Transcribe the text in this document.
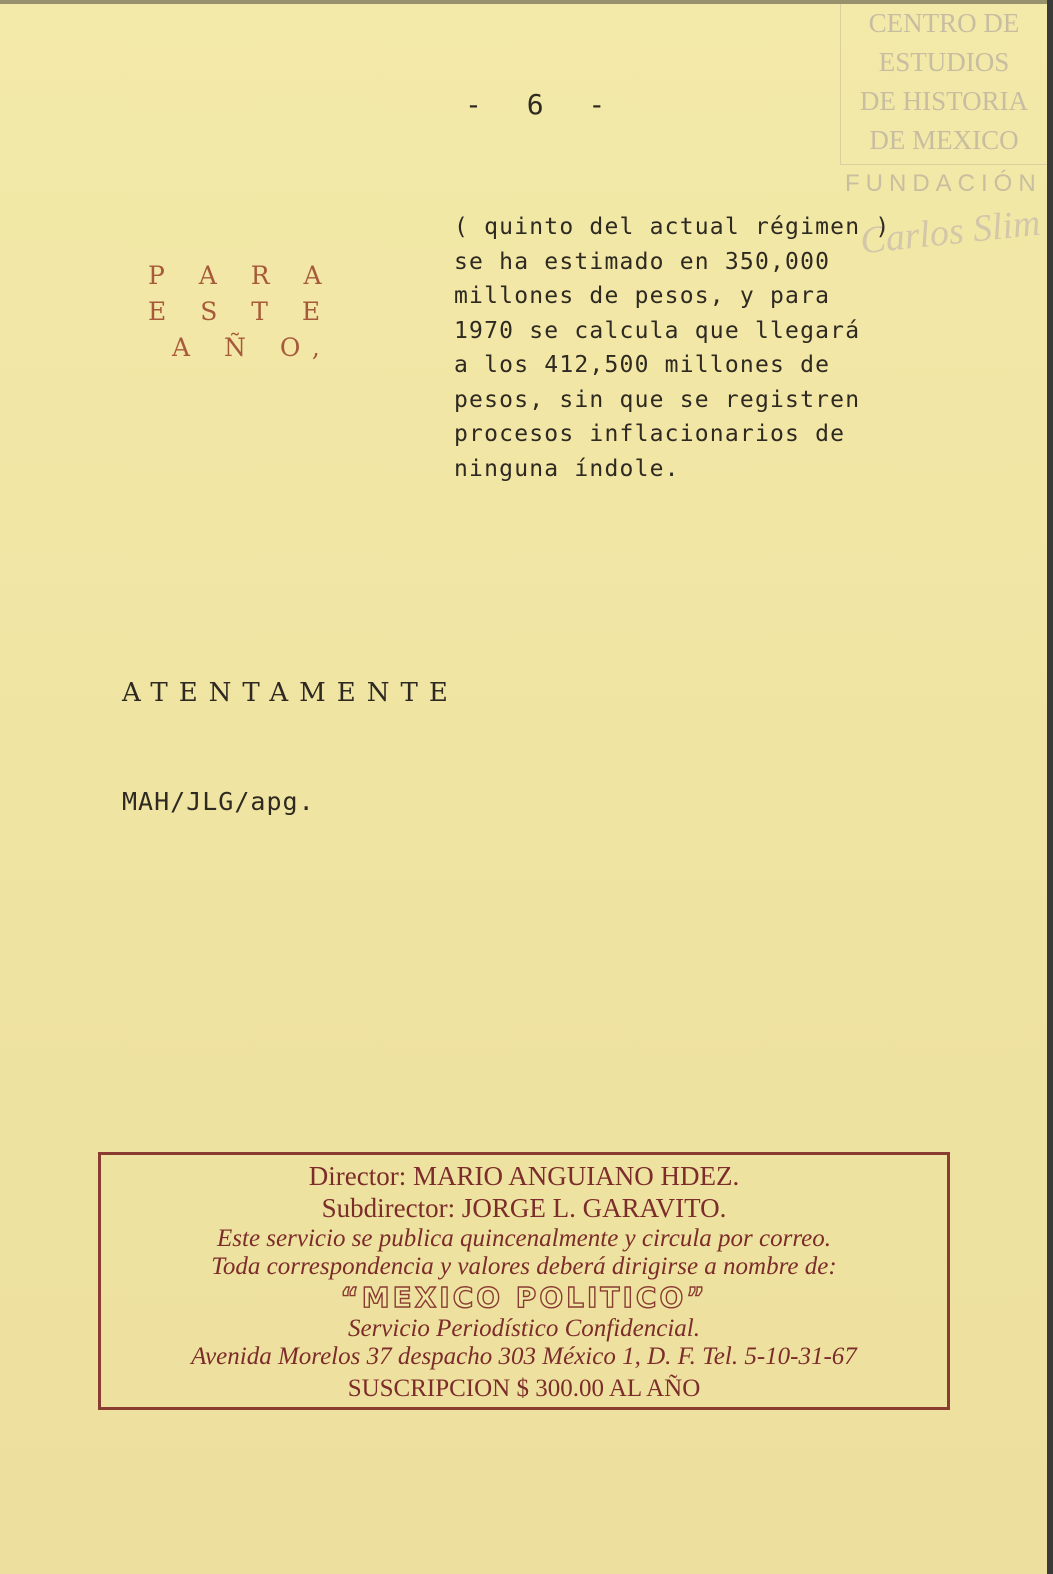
CENTRO DE
ESTUDIOS
DE HISTORIA
DE MEXICO
FUNDACIÓN
Carlos Slim
- 6 -
P A R A
E S T E
A Ñ O,
( quinto del actual régimen )
se ha estimado en 350,000
millones de pesos, y para
1970 se calcula que llegará
a los 412,500 millones de
pesos, sin que se registren
procesos inflacionarios de
ninguna índole.
ATENTAMENTE
MAH/JLG/apg.
Director: MARIO ANGUIANO HDEZ.
Subdirector: JORGE L. GARAVITO.
Este servicio se publica quincenalmente y circula por correo.
Toda correspondencia y valores deberá dirigirse a nombre de:
“MEXICO POLITICO”
Servicio Periodístico Confidencial.
Avenida Morelos 37 despacho 303 México 1, D. F. Tel. 5-10-31-67
SUSCRIPCION $ 300.00 AL AÑO
